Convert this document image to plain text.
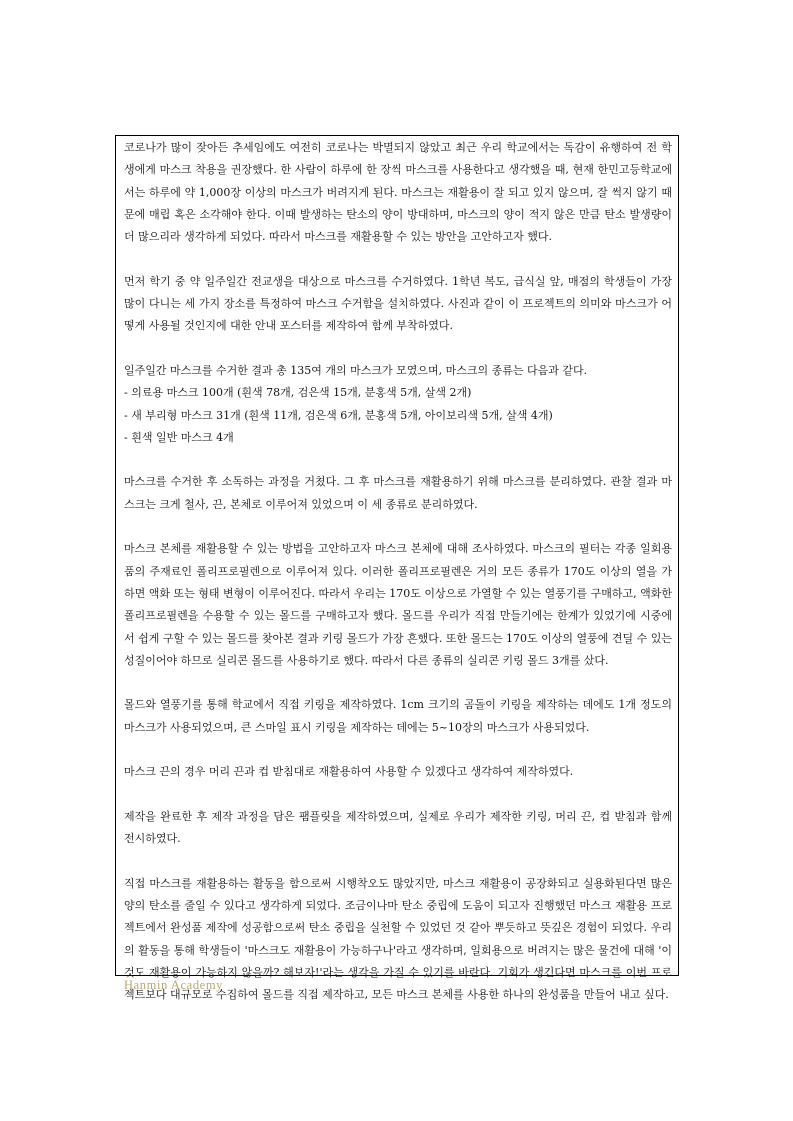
코로나가 많이 잦아든 추세임에도 여전히 코로나는 박멸되지 않았고 최근 우리 학교에서는 독감이 유행하여 전 학생에게 마스크 착용을 권장했다. 한 사람이 하루에 한 장씩 마스크를 사용한다고 생각했을 때, 현재 한민고등학교에서는 하루에 약 1,000장 이상의 마스크가 버려지게 된다. 마스크는 재활용이 잘 되고 있지 않으며, 잘 썩지 않기 때문에 매립 혹은 소각해야 한다. 이때 발생하는 탄소의 양이 방대하며, 마스크의 양이 적지 않은 만큼 탄소 발생량이 더 많으리라 생각하게 되었다. 따라서 마스크를 재활용할 수 있는 방안을 고안하고자 했다.

먼저 학기 중 약 일주일간 전교생을 대상으로 마스크를 수거하였다. 1학년 복도, 급식실 앞, 매점의 학생들이 가장 많이 다니는 세 가지 장소를 특정하여 마스크 수거함을 설치하였다. 사진과 같이 이 프로젝트의 의미와 마스크가 어떻게 사용될 것인지에 대한 안내 포스터를 제작하여 함께 부착하였다.

일주일간 마스크를 수거한 결과 총 135여 개의 마스크가 모였으며, 마스크의 종류는 다음과 같다.

- 의료용 마스크 100개 (흰색 78개, 검은색 15개, 분홍색 5개, 살색 2개)

- 새 부리형 마스크 31개 (흰색 11개, 검은색 6개, 분홍색 5개, 아이보리색 5개, 살색 4개)

- 흰색 일반 마스크 4개

마스크를 수거한 후 소독하는 과정을 거쳤다. 그 후 마스크를 재활용하기 위해 마스크를 분리하였다. 관찰 결과 마스크는 크게 철사, 끈, 본체로 이루어져 있었으며 이 세 종류로 분리하였다.

마스크 본체를 재활용할 수 있는 방법을 고안하고자 마스크 본체에 대해 조사하였다. 마스크의 필터는 각종 일회용품의 주재료인 폴리프로필렌으로 이루어져 있다. 이러한 폴리프로필렌은 거의 모든 종류가 170도 이상의 열을 가하면 액화 또는 형태 변형이 이루어진다. 따라서 우리는 170도 이상으로 가열할 수 있는 열풍기를 구매하고, 액화한 폴리프로필렌을 수용할 수 있는 몰드를 구매하고자 했다. 몰드를 우리가 직접 만들기에는 한계가 있었기에 시중에서 쉽게 구할 수 있는 몰드를 찾아본 결과 키링 몰드가 가장 흔했다. 또한 몰드는 170도 이상의 열풍에 견딜 수 있는 성질이어야 하므로 실리콘 몰드를 사용하기로 했다. 따라서 다른 종류의 실리콘 키링 몰드 3개를 샀다.

몰드와 열풍기를 통해 학교에서 직접 키링을 제작하였다. 1cm 크기의 곰돌이 키링을 제작하는 데에도 1개 정도의 마스크가 사용되었으며, 큰 스마일 표시 키링을 제작하는 데에는 5~10장의 마스크가 사용되었다.

마스크 끈의 경우 머리 끈과 컵 받침대로 재활용하여 사용할 수 있겠다고 생각하여 제작하였다.

제작을 완료한 후 제작 과정을 담은 팸플릿을 제작하였으며, 실제로 우리가 제작한 키링, 머리 끈, 컵 받침과 함께 전시하였다.

직접 마스크를 재활용하는 활동을 함으로써 시행착오도 많았지만, 마스크 재활용이 공장화되고 실용화된다면 많은 양의 탄소를 줄일 수 있다고 생각하게 되었다. 조금이나마 탄소 중립에 도움이 되고자 진행했던 마스크 재활용 프로젝트에서 완성품 제작에 성공함으로써 탄소 중립을 실천할 수 있었던 것 같아 뿌듯하고 뜻깊은 경험이 되었다. 우리의 활동을 통해 학생들이 '마스크도 재활용이 가능하구나'라고 생각하며, 일회용으로 버려지는 많은 물건에 대해 '이것도 재활용이 가능하지 않을까? 해보자!'라는 생각을 가질 수 있기를 바란다. 기회가 생긴다면 마스크를 이번 프로젝트보다 대규모로 수집하여 몰드를 직접 제작하고, 모든 마스크 본체를 사용한 하나의 완성품을 만들어 내고 싶다.

Hanmin Academy
